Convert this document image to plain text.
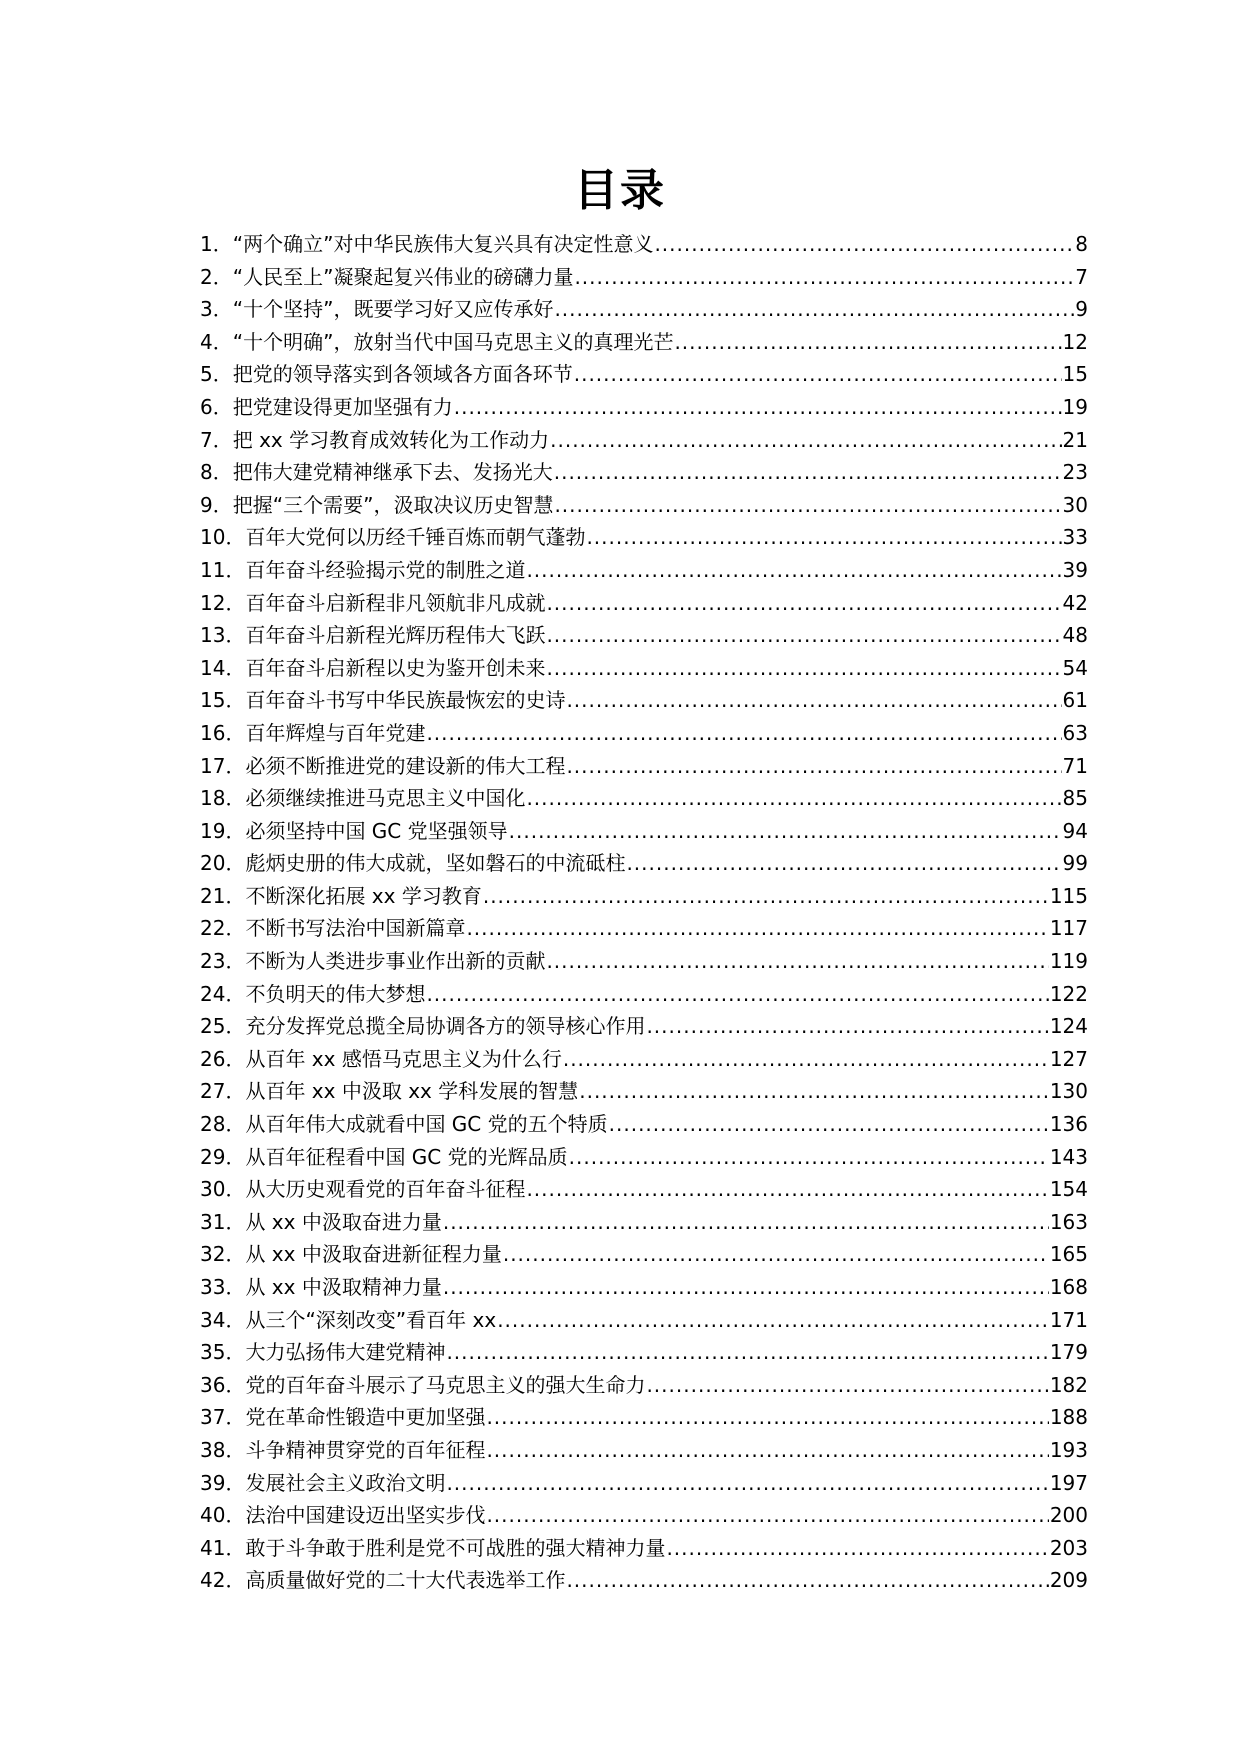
目录
1．“两个确立”对中华民族伟大复兴具有决定性意义 .....	8
2．“人民至上”凝聚起复兴伟业的磅礴力量 .....	7
3．“十个坚持”，既要学习好又应传承好 .....	9
4．“十个明确”，放射当代中国马克思主义的真理光芒 .....	12
5．把党的领导落实到各领域各方面各环节 .....	15
6．把党建设得更加坚强有力 .....	19
7．把 xx 学习教育成效转化为工作动力 .....	21
8．把伟大建党精神继承下去、发扬光大 .....	23
9．把握“三个需要”，汲取决议历史智慧 .....	30
10．百年大党何以历经千锤百炼而朝气蓬勃 .....	33
11．百年奋斗经验揭示党的制胜之道 .....	39
12．百年奋斗启新程非凡领航非凡成就 .....	42
13．百年奋斗启新程光辉历程伟大飞跃 .....	48
14．百年奋斗启新程以史为鉴开创未来 .....	54
15．百年奋斗书写中华民族最恢宏的史诗 .....	61
16．百年辉煌与百年党建 .....	63
17．必须不断推进党的建设新的伟大工程 .....	71
18．必须继续推进马克思主义中国化 .....	85
19．必须坚持中国 GC 党坚强领导 .....	94
20．彪炳史册的伟大成就，坚如磐石的中流砥柱 .....	99
21．不断深化拓展 xx 学习教育 .....	115
22．不断书写法治中国新篇章 .....	117
23．不断为人类进步事业作出新的贡献 .....	119
24．不负明天的伟大梦想 .....	122
25．充分发挥党总揽全局协调各方的领导核心作用 .....	124
26．从百年 xx 感悟马克思主义为什么行 .....	127
27．从百年 xx 中汲取 xx 学科发展的智慧 .....	130
28．从百年伟大成就看中国 GC 党的五个特质 .....	136
29．从百年征程看中国 GC 党的光辉品质 .....	143
30．从大历史观看党的百年奋斗征程 .....	154
31．从 xx 中汲取奋进力量 .....	163
32．从 xx 中汲取奋进新征程力量 .....	165
33．从 xx 中汲取精神力量 .....	168
34．从三个“深刻改变”看百年 xx .....	171
35．大力弘扬伟大建党精神 .....	179
36．党的百年奋斗展示了马克思主义的强大生命力 .....	182
37．党在革命性锻造中更加坚强 .....	188
38．斗争精神贯穿党的百年征程 .....	193
39．发展社会主义政治文明 .....	197
40．法治中国建设迈出坚实步伐 .....	200
41．敢于斗争敢于胜利是党不可战胜的强大精神力量 .....	203
42．高质量做好党的二十大代表选举工作 .....	209
